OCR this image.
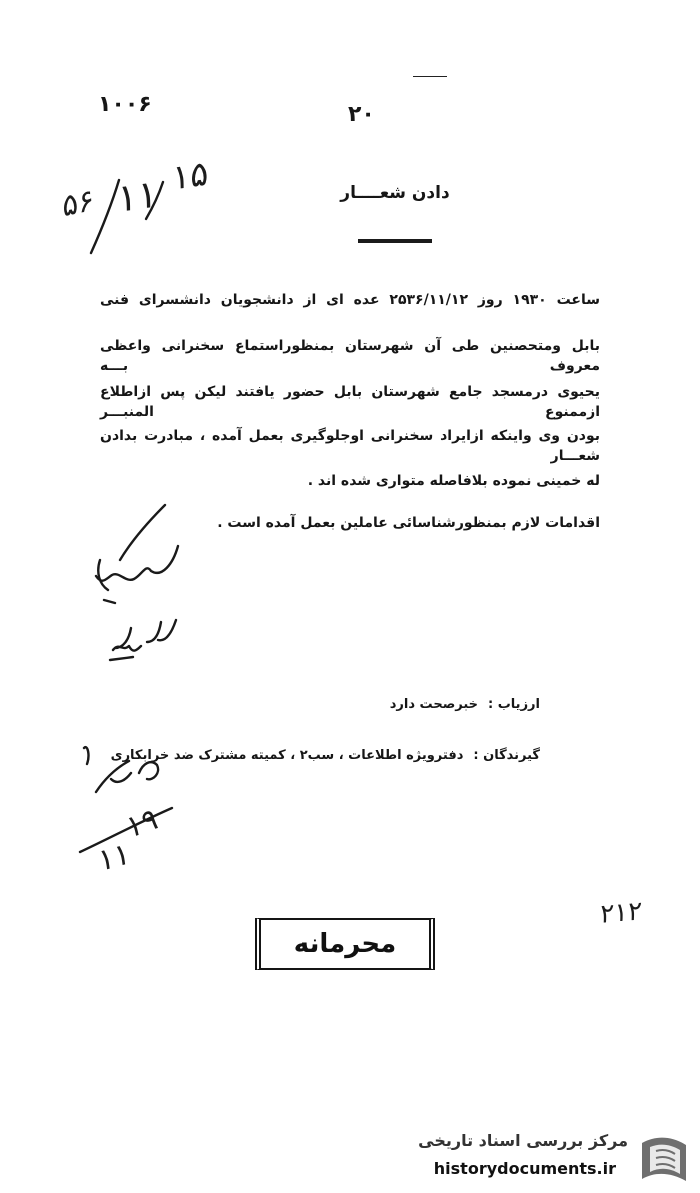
۱۰۰۶	۲۰
۱۵
۱۱
۵۶	دادن شعــــار
ساعت ۱۹۳۰ روز ۲۵۳۶/۱۱/۱۲ عده ای از دانشجویان دانشسرای فنی
بابل ومتحصنین طی آن شهرستان بمنظوراستماع سخنرانی واعظی معروف بـــه
یحیوی درمسجد جامع شهرستان بابل حضور یافتند لیکن پس ازاطلاع ازممنوع المنبـــر
بودن وی واینکه ازایراد سخنرانی اوجلوگیری بعمل آمده ، مبادرت بدادن شعـــار
له خمینی نموده بلافاصله متواری شده اند .
اقدامات لازم بمنظورشناسائی عاملین بعمل آمده است .
ارزیاب :خبرصحت دارد
گیرندگان :دفترویژه اطلاعات ، سب۲ ، کمیته مشترک ضد خرابکاری
۱۹
۱۱
۲۱۲
محرمانه
مرکز بررسی اسناد تاریخی
historydocuments.ir
